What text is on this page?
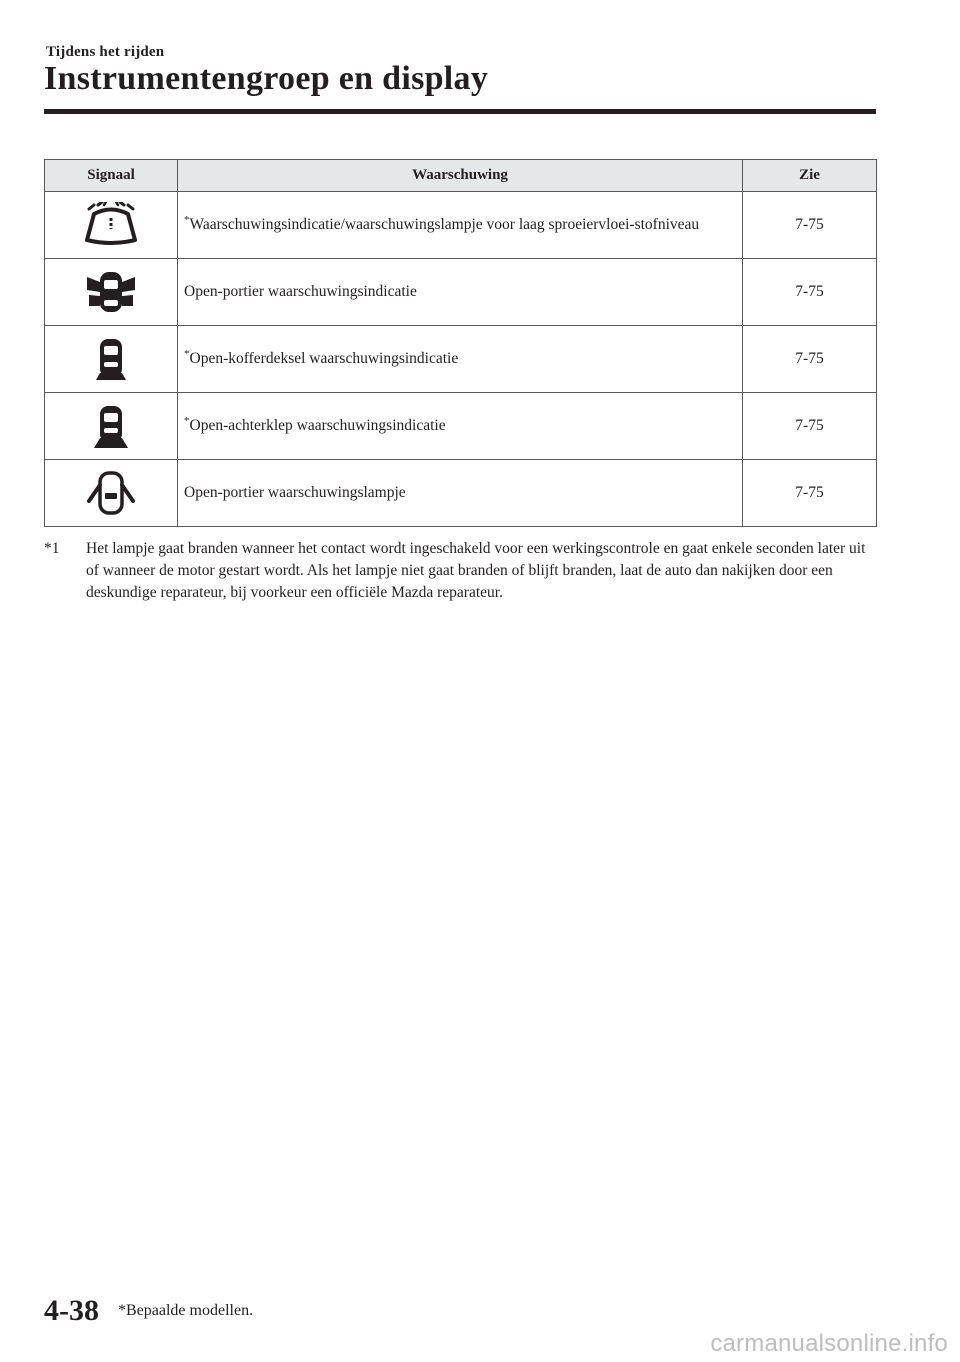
Tijdens het rijden
Instrumentengroep en display
Signaal	Waarschuwing	Zie
	*Waarschuwingsindicatie/waarschuwingslampje voor laag sproeiervloei-stofniveau	7-75
	Open-portier waarschuwingsindicatie	7-75
	*Open-kofferdeksel waarschuwingsindicatie	7-75
	*Open-achterklep waarschuwingsindicatie	7-75
	Open-portier waarschuwingslampje	7-75
*1 Het lampje gaat branden wanneer het contact wordt ingeschakeld voor een werkingscontrole en gaat enkele seconden later uit of wanneer de motor gestart wordt. Als het lampje niet gaat branden of blijft branden, laat de auto dan nakijken door een deskundige reparateur, bij voorkeur een officiële Mazda reparateur.
4-38 *Bepaalde modellen.
carmanualsonline.info
